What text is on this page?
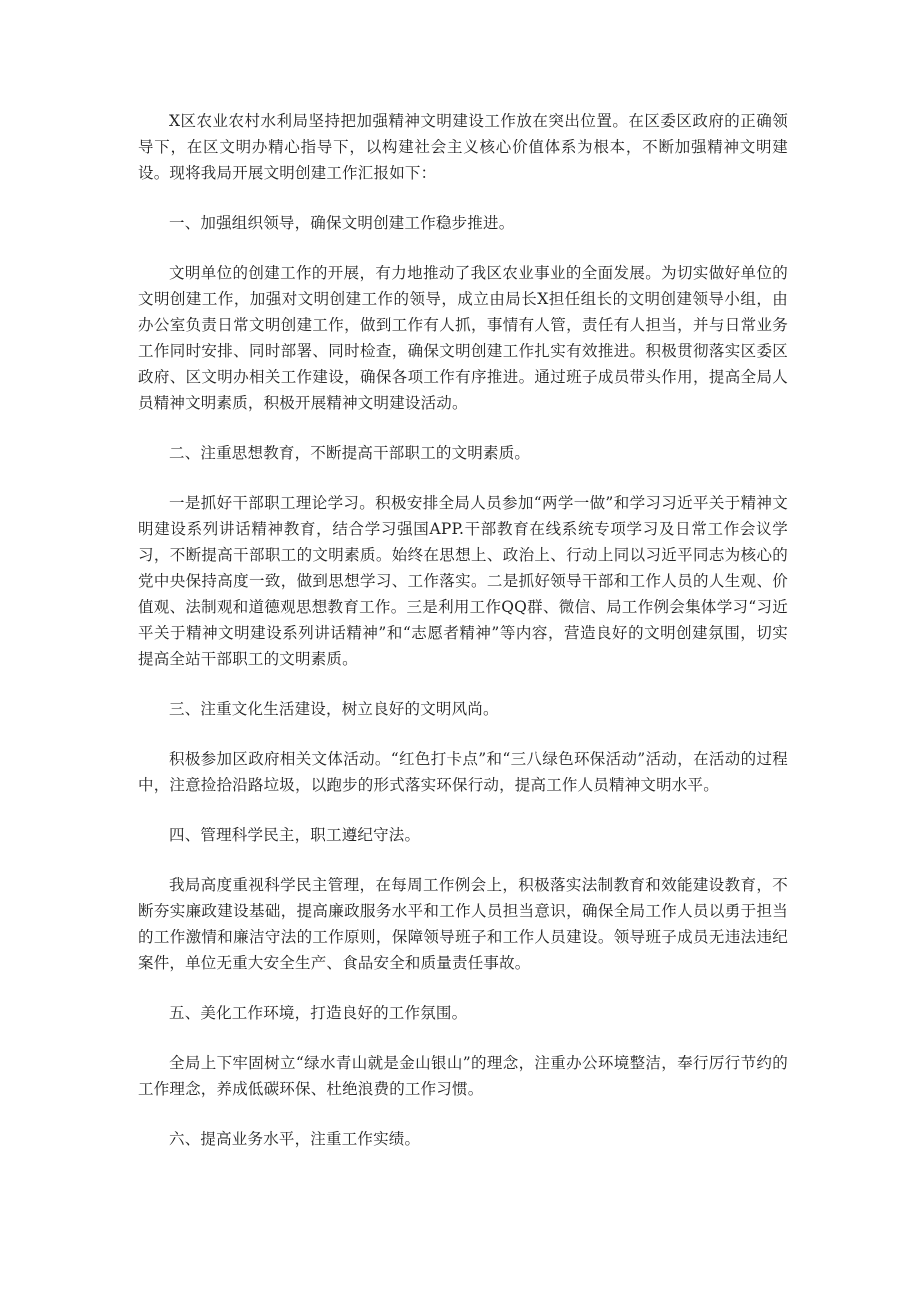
X区农业农村水利局坚持把加强精神文明建设工作放在突出位置。在区委区政府的正确领导下，在区文明办精心指导下，以构建社会主义核心价值体系为根本，不断加强精神文明建设。现将我局开展文明创建工作汇报如下：

一、加强组织领导，确保文明创建工作稳步推进。

文明单位的创建工作的开展，有力地推动了我区农业事业的全面发展。为切实做好单位的文明创建工作，加强对文明创建工作的领导，成立由局长X担任组长的文明创建领导小组，由办公室负责日常文明创建工作，做到工作有人抓，事情有人管，责任有人担当，并与日常业务工作同时安排、同时部署、同时检查，确保文明创建工作扎实有效推进。积极贯彻落实区委区政府、区文明办相关工作建设，确保各项工作有序推进。通过班子成员带头作用，提高全局人员精神文明素质，积极开展精神文明建设活动。

二、注重思想教育，不断提高干部职工的文明素质。

一是抓好干部职工理论学习。积极安排全局人员参加“两学一做”和学习习近平关于精神文明建设系列讲话精神教育，结合学习强国APP.干部教育在线系统专项学习及日常工作会议学习，不断提高干部职工的文明素质。始终在思想上、政治上、行动上同以习近平同志为核心的党中央保持高度一致，做到思想学习、工作落实。二是抓好领导干部和工作人员的人生观、价值观、法制观和道德观思想教育工作。三是利用工作QQ群、微信、局工作例会集体学习“习近平关于精神文明建设系列讲话精神”和“志愿者精神”等内容，营造良好的文明创建氛围，切实提高全站干部职工的文明素质。

三、注重文化生活建设，树立良好的文明风尚。

积极参加区政府相关文体活动。“红色打卡点”和“三八绿色环保活动”活动，在活动的过程中，注意捡拾沿路垃圾，以跑步的形式落实环保行动，提高工作人员精神文明水平。

四、管理科学民主，职工遵纪守法。

我局高度重视科学民主管理，在每周工作例会上，积极落实法制教育和效能建设教育，不断夯实廉政建设基础，提高廉政服务水平和工作人员担当意识，确保全局工作人员以勇于担当的工作激情和廉洁守法的工作原则，保障领导班子和工作人员建设。领导班子成员无违法违纪案件，单位无重大安全生产、食品安全和质量责任事故。

五、美化工作环境，打造良好的工作氛围。

全局上下牢固树立“绿水青山就是金山银山”的理念，注重办公环境整洁，奉行厉行节约的工作理念，养成低碳环保、杜绝浪费的工作习惯。

六、提高业务水平，注重工作实绩。
